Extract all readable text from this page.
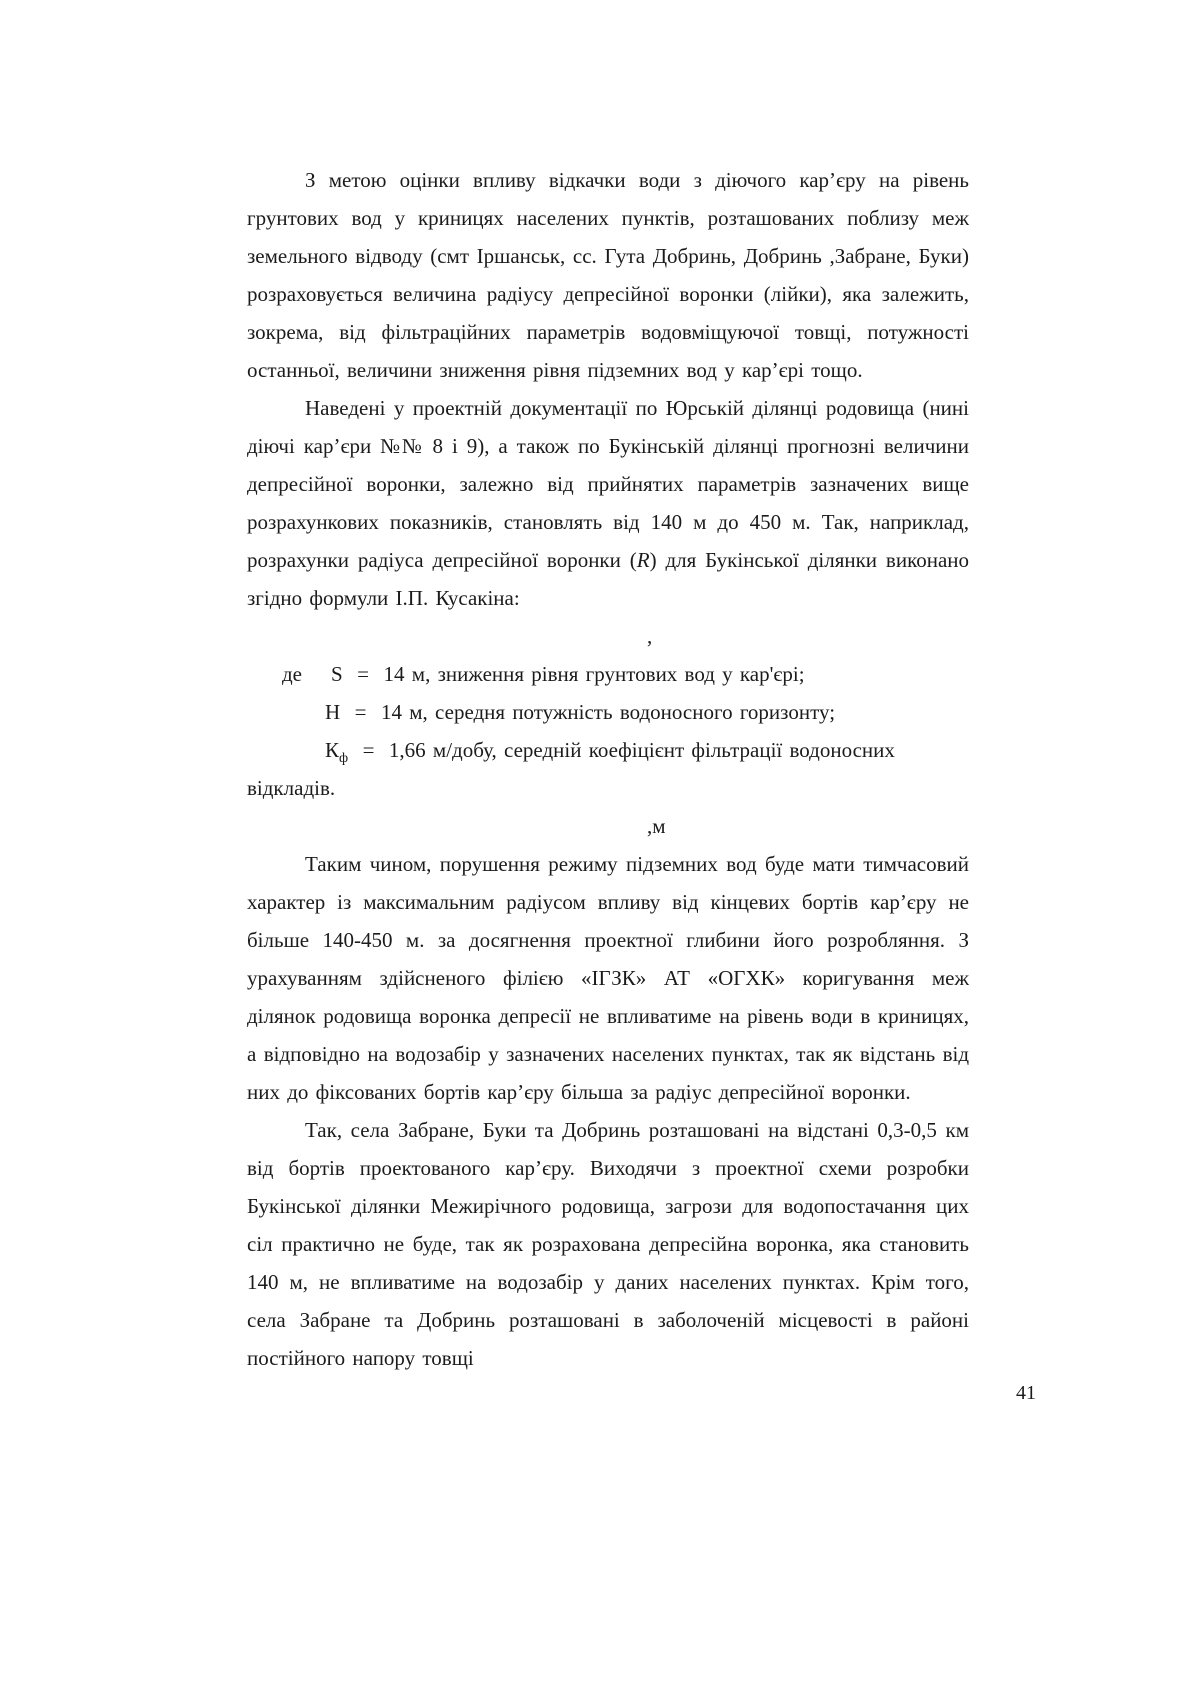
З метою оцінки впливу відкачки води з діючого кар’єру на рівень грунтових вод у криницях населених пунктів, розташованих поблизу меж земельного відводу (смт Іршанськ, сс. Гута Добринь, Добринь ,Забране, Буки) розраховується величина радіусу депресійної воронки (лійки), яка залежить, зокрема, від фільтраційних параметрів водовміщуючої товщі, потужності останньої, величини зниження рівня підземних вод у кар’єрі тощо.

Наведені у проектній документації по Юрській ділянці родовища (нині діючі кар’єри №№ 8 і 9), а також по Букінській ділянці прогнозні величини депресійної воронки, залежно від прийнятих параметрів зазначених вище розрахункових показників, становлять від 140 м до 450 м. Так, наприклад, розрахунки радіуса депресійної воронки (R) для Букінської ділянки виконано згідно формули І.П. Кусакіна:

,
де    S  =  14 м, зниження рівня грунтових вод у кар'єрі;
Н  =  14 м, середня потужність водоносного горизонту;
$К_ф = 1,66$ м/добу, середній коефіцієнт фільтрації водоносних
відкладів.
,м

Таким чином, порушення режиму підземних вод буде мати тимчасовий характер із максимальним радіусом впливу від кінцевих бортів кар’єру не більше 140-450 м. за досягнення проектної глибини його розробляння. З урахуванням здійсненого філією «ІГЗК» АТ «ОГХК» коригування меж ділянок родовища воронка депресії не впливатиме на рівень води в криницях, а відповідно на водозабір у зазначених населених пунктах, так як відстань від них до фіксованих бортів кар’єру більша за радіус депресійної воронки.

Так, села Забране, Буки та Добринь розташовані на відстані 0,3-0,5 км від бортів проектованого кар’єру. Виходячи з проектної схеми розробки Букінської ділянки Межирічного родовища, загрози для водопостачання цих сіл практично не буде, так як розрахована депресійна воронка, яка становить 140 м, не впливатиме на водозабір у даних населених пунктах. Крім того, села Забране та Добринь розташовані в заболоченій місцевості в районі постійного напору товщі

41
